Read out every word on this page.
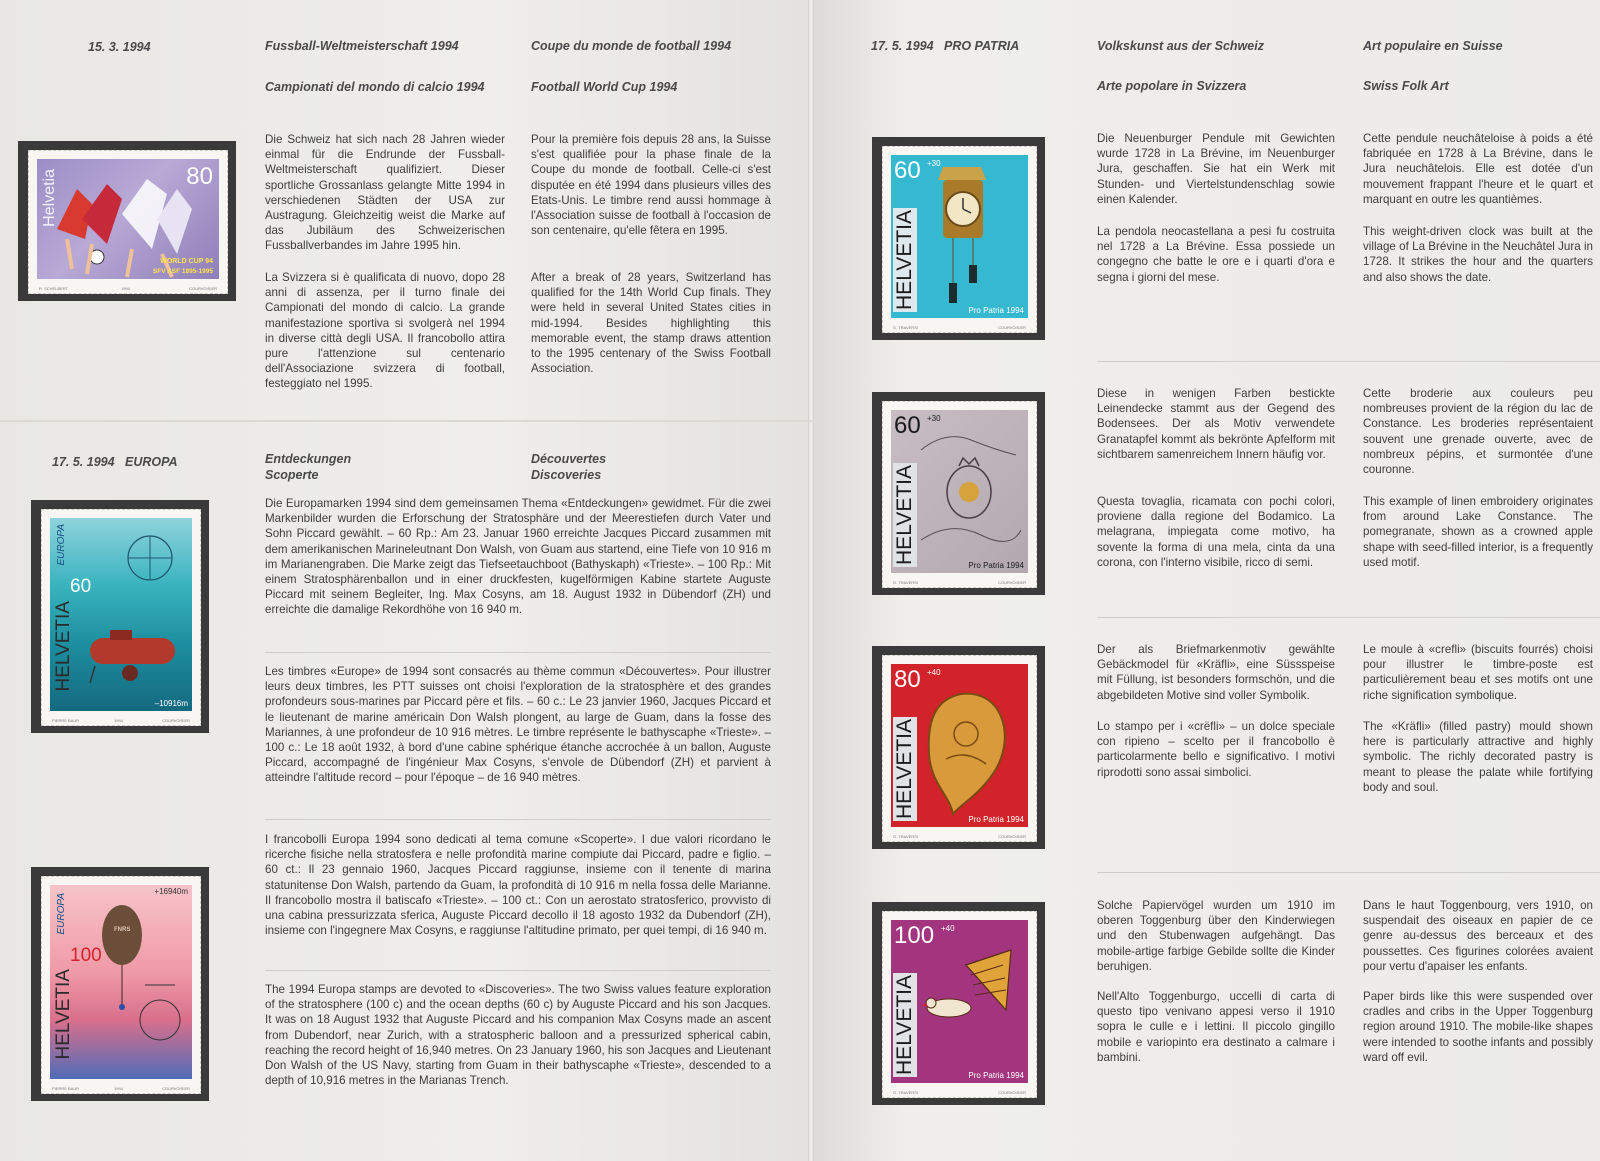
15. 3. 1994	Fussball-Weltmeisterschaft 1994
Campionati del mondo di calcio 1994
Coupe du monde de football 1994
Football World Cup 1994
Die Schweiz hat sich nach 28 Jahren wieder einmal für die Endrunde der Fussball-Weltmeisterschaft qualifiziert. Dieser sportliche Grossanlass gelangte Mitte 1994 in verschiedenen Städten der USA zur Austragung. Gleichzeitig weist die Marke auf das Jubiläum des Schweizerischen Fussballverbandes im Jahre 1995 hin.
La Svizzera si è qualificata di nuovo, dopo 28 anni di assenza, per il turno finale dei Campionati del mondo di calcio. La grande manifestazione sportiva si svolgerà nel 1994 in diverse città degli USA. Il francobollo attira pure l'attenzione sul centenario dell'Associazione svizzera di football, festeggiato nel 1995.
Pour la première fois depuis 28 ans, la Suisse s'est qualifiée pour la phase finale de la Coupe du monde de football. Celle-ci s'est disputée en été 1994 dans plusieurs villes des Etats-Unis. Le timbre rend aussi hommage à l'Association suisse de football à l'occasion de son centenaire, qu'elle fêtera en 1995.
After a break of 28 years, Switzerland has qualified for the 14th World Cup finals. They were held in several United States cities in mid-1994. Besides highlighting this memorable event, the stamp draws attention to the 1995 centenary of the Swiss Football Association.
Helvetia	80
WORLD CUP 94
SFV ASF 1895-1995
R. SCHELBERT	1994	COURVOISIER
17. 5. 1994 EUROPA	Entdeckungen
Scoperte
Découvertes
Discoveries
Die Europamarken 1994 sind dem gemeinsamen Thema «Entdeckungen» gewidmet. Für die zwei Markenbilder wurden die Erforschung der Stratosphäre und der Meerestiefen durch Vater und Sohn Piccard gewählt. – 60 Rp.: Am 23. Januar 1960 erreichte Jacques Piccard zusammen mit dem amerikanischen Marineleutnant Don Walsh, von Guam aus startend, eine Tiefe von 10 916 m im Marianengraben. Die Marke zeigt das Tiefseetauchboot (Bathyskaph) «Trieste». – 100 Rp.: Mit einem Stratosphärenballon und in einer druckfesten, kugelförmigen Kabine startete Auguste Piccard mit seinem Begleiter, Ing. Max Cosyns, am 18. August 1932 in Dübendorf (ZH) und erreichte die damalige Rekordhöhe von 16 940 m.
Les timbres «Europe» de 1994 sont consacrés au thème commun «Découvertes». Pour illustrer leurs deux timbres, les PTT suisses ont choisi l'exploration de la stratosphère et des grandes profondeurs sous-marines par Piccard père et fils. – 60 c.: Le 23 janvier 1960, Jacques Piccard et le lieutenant de marine américain Don Walsh plongent, au large de Guam, dans la fosse des Mariannes, à une profondeur de 10 916 mètres. Le timbre représente le bathyscaphe «Trieste». – 100 c.: Le 18 août 1932, à bord d'une cabine sphérique étanche accrochée à un ballon, Auguste Piccard, accompagné de l'ingénieur Max Cosyns, s'envole de Dübendorf (ZH) et parvient à atteindre l'altitude record – pour l'époque – de 16 940 mètres.
I francobolli Europa 1994 sono dedicati al tema comune «Scoperte». I due valori ricordano le ricerche fisiche nella stratosfera e nelle profondità marine compiute dai Piccard, padre e figlio. – 60 ct.: Il 23 gennaio 1960, Jacques Piccard raggiunse, insieme con il tenente di marina statunitense Don Walsh, partendo da Guam, la profondità di 10 916 m nella fossa delle Marianne. Il francobollo mostra il batiscafo «Trieste». – 100 ct.: Con un aerostato stratosferico, provvisto di una cabina pressurizzata sferica, Auguste Piccard decollo il 18 agosto 1932 da Dubendorf (ZH), insieme con l'ingegnere Max Cosyns, e raggiunse l'altitudine primato, per quei tempi, di 16 940 m.
The 1994 Europa stamps are devoted to «Discoveries». The two Swiss values feature exploration of the stratosphere (100 c) and the ocean depths (60 c) by Auguste Piccard and his son Jacques. It was on 18 August 1932 that Auguste Piccard and his companion Max Cosyns made an ascent from Dubendorf, near Zurich, with a stratospheric balloon and a pressurized spherical cabin, reaching the record height of 16,940 metres. On 23 January 1960, his son Jacques and Lieutenant Don Walsh of the US Navy, starting from Guam in their bathyscaphe «Trieste», descended to a depth of 10,916 metres in the Marianas Trench.
HELVETIA
EUROPA
60
–10916m
PIERRE BAUR	1994	COURVOISIER
FNRS
HELVETIA
EUROPA
100
+16940m
PIERRE BAUR	1994	COURVOISIER
17. 5. 1994 PRO PATRIA	Volkskunst aus der Schweiz
Arte popolare in Svizzera
Art populaire en Suisse
Swiss Folk Art
Die Neuenburger Pendule mit Gewichten wurde 1728 in La Brévine, im Neuenburger Jura, geschaffen. Sie hat ein Werk mit Stunden- und Viertelstundenschlag sowie einen Kalender.
La pendola neocastellana a pesi fu costruita nel 1728 a La Brévine. Essa possiede un congegno che batte le ore e i quarti d'ora e segna i giorni del mese.
Cette pendule neuchâteloise à poids a été fabriquée en 1728 à La Brévine, dans le Jura neuchâtelois. Elle est dotée d'un mouvement frappant l'heure et le quart et marquant en outre les quantièmes.
This weight-driven clock was built at the village of La Brévine in the Neuchâtel Jura in 1728. It strikes the hour and the quarters and also shows the date.
HELVETIA
60 +30
Pro Patria 1994
G. TRAVERSI	COURVOISIER
Diese in wenigen Farben bestickte Leinendecke stammt aus der Gegend des Bodensees. Der als Motiv verwendete Granatapfel kommt als bekrönte Apfelform mit sichtbarem samenreichem Innern häufig vor.
Questa tovaglia, ricamata con pochi colori, proviene dalla regione del Bodamico. La melagrana, impiegata come motivo, ha sovente la forma di una mela, cinta da una corona, con l'interno visibile, ricco di semi.
Cette broderie aux couleurs peu nombreuses provient de la région du lac de Constance. Les broderies représentaient souvent une grenade ouverte, avec de nombreux pépins, et surmontée d'une couronne.
This example of linen embroidery originates from around Lake Constance. The pomegranate, shown as a crowned apple shape with seed-filled interior, is a frequently used motif.
HELVETIA
60 +30
Pro Patria 1994
G. TRAVERSI	COURVOISIER
Der als Briefmarkenmotiv gewählte Gebäckmodel für «Kräfli», eine Süssspeise mit Füllung, ist besonders formschön, und die abgebildeten Motive sind voller Symbolik.
Lo stampo per i «crëfli» – un dolce speciale con ripieno – scelto per il francobollo è particolarmente bello e significativo. I motivi riprodotti sono assai simbolici.
Le moule à «crefli» (biscuits fourrés) choisi pour illustrer le timbre-poste est particulièrement beau et ses motifs ont une riche signification symbolique.
The «Kräfli» (filled pastry) mould shown here is particularly attractive and highly symbolic. The richly decorated pastry is meant to please the palate while fortifying body and soul.
HELVETIA
80 +40
Pro Patria 1994
G. TRAVERSI	COURVOISIER
Solche Papiervögel wurden um 1910 im oberen Toggenburg über den Kinderwiegen und den Stubenwagen aufgehängt. Das mobile-artige farbige Gebilde sollte die Kinder beruhigen.
Nell'Alto Toggenburgo, uccelli di carta di questo tipo venivano appesi verso il 1910 sopra le culle e i lettini. Il piccolo gingillo mobile e variopinto era destinato a calmare i bambini.
Dans le haut Toggenbourg, vers 1910, on suspendait des oiseaux en papier de ce genre au-dessus des berceaux et des poussettes. Ces figurines colorées avaient pour vertu d'apaiser les enfants.
Paper birds like this were suspended over cradles and cribs in the Upper Toggenburg region around 1910. The mobile-like shapes were intended to soothe infants and possibly ward off evil.
HELVETIA
100 +40
Pro Patria 1994
G. TRAVERSI	COURVOISIER
